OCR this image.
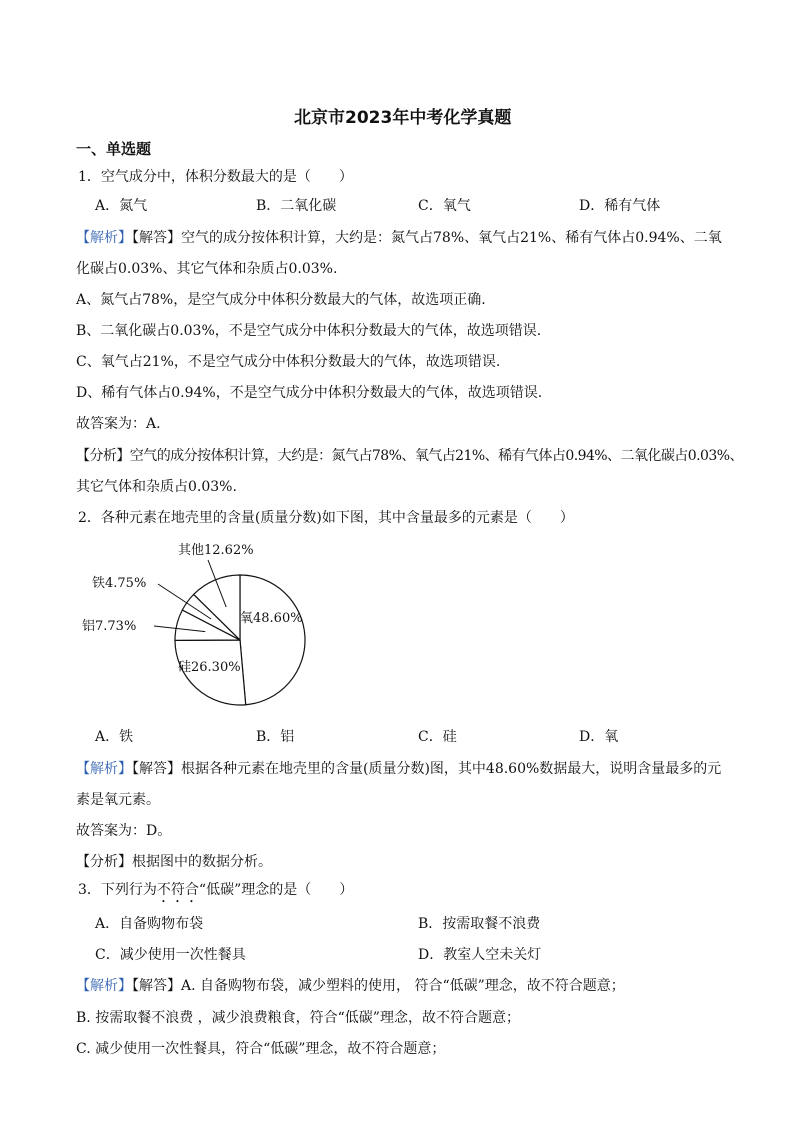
北京市2023年中考化学真题
一、单选题
1．空气成分中，体积分数最大的是（　　）
A．氮气	B．二氧化碳	C．氧气	D．稀有气体
【解析】【解答】空气的成分按体积计算，大约是：氮气占78%、氧气占21%、稀有气体占0.94%、二氧
化碳占0.03%、其它气体和杂质占0.03%.
A、氮气占78%，是空气成分中体积分数最大的气体，故选项正确.
B、二氧化碳占0.03%，不是空气成分中体积分数最大的气体，故选项错误.
C、氧气占21%，不是空气成分中体积分数最大的气体，故选项错误.
D、稀有气体占0.94%，不是空气成分中体积分数最大的气体，故选项错误.
故答案为：A.
【分析】空气的成分按体积计算，大约是：氮气占78%、氧气占21%、稀有气体占0.94%、二氧化碳占0.03%、
其它气体和杂质占0.03%.
2．各种元素在地壳里的含量(质量分数)如下图，其中含量最多的元素是（　　）
其他12.62%
铁4.75%
铝7.73%
氧48.60%
硅26.30%
A．铁	B．铝	C．硅	D．氧
【解析】【解答】根据各种元素在地壳里的含量(质量分数)图，其中48.60%数据最大，说明含量最多的元
素是氧元素。
故答案为：D。
【分析】根据图中的数据分析。
3．下列行为不符合“低碳”理念的是（　　）
A．自备购物布袋	B．按需取餐不浪费
C．减少使用一次性餐具	D．教室人空未关灯
【解析】【解答】A. 自备购物布袋，减少塑料的使用， 符合“低碳”理念，故不符合题意；
B. 按需取餐不浪费 ，减少浪费粮食，符合“低碳”理念，故不符合题意；
C. 减少使用一次性餐具，符合“低碳”理念，故不符合题意；
